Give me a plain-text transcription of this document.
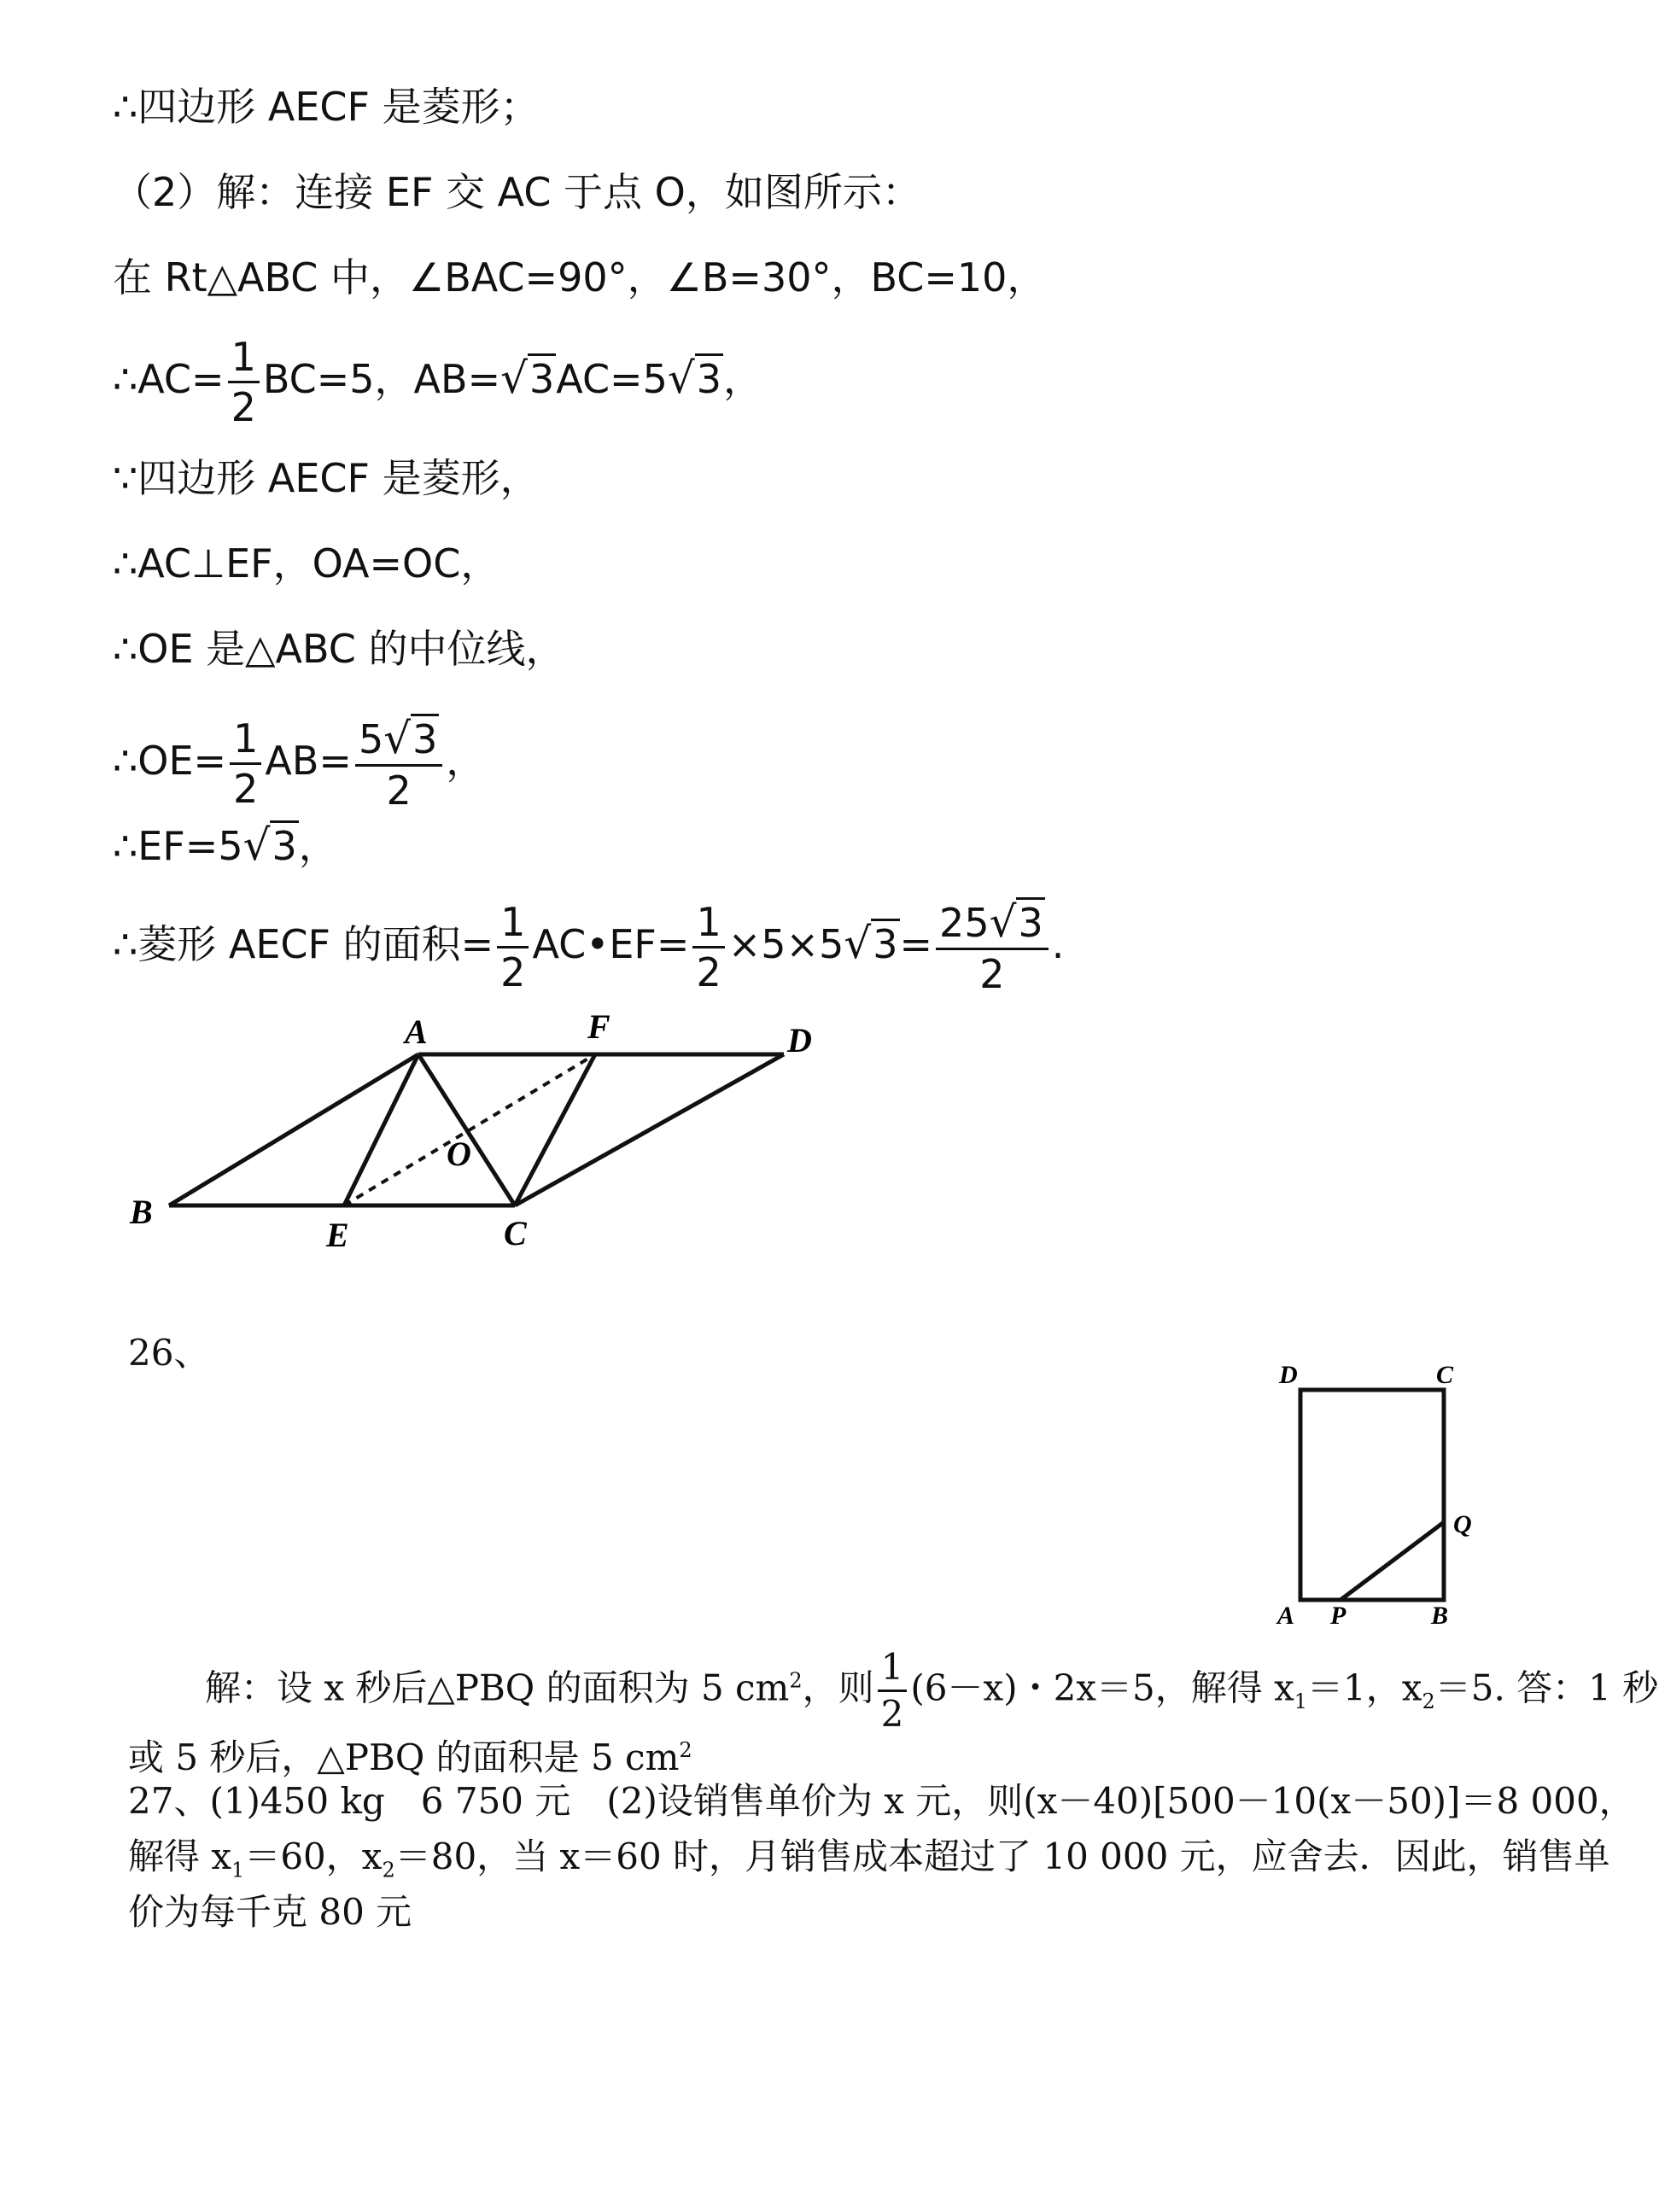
∴四边形 AECF 是菱形；
（2）解：连接 EF 交 AC 于点 O，如图所示：
在 Rt△ABC 中，∠BAC=90°，∠B=30°，BC=10，
∴AC= $\frac{1}{2} BC=5$，AB=√3AC=5√3，
∵四边形 AECF 是菱形，
∴AC⊥EF，OA=OC，
∴OE 是△ABC 的中位线，
∴OE= $\frac{1}{2} AB= \frac{5√3}{2}$ ，
∴EF=5√3，
∴菱形 AECF 的面积= $\frac{1}{2}$ AC•EF= $\frac{1}{2} \times 5\times 5√3= \frac{25√3}{2}$ .
A	F	D
B
E	C
O
26、
D	C
Q
A P	B
解：设 x 秒后△PBQ 的面积为 5 $cm^2$，则 $\frac{1}{2} (6-x)$・2x＝5，解得 $x_1=1$，$x_2=5$. 答：1 秒
或 5 秒后，△PBQ 的面积是 5 $cm^2$
27、(1)450 kg　6 750 元　(2)设销售单价为 x 元，则(x－40)[500－10(x－50)]＝8 000，
解得 $x_1=60$，$x_2=80$，当 x＝60 时，月销售成本超过了 10 000 元，应舍去．因此，销售单
价为每千克 80 元
